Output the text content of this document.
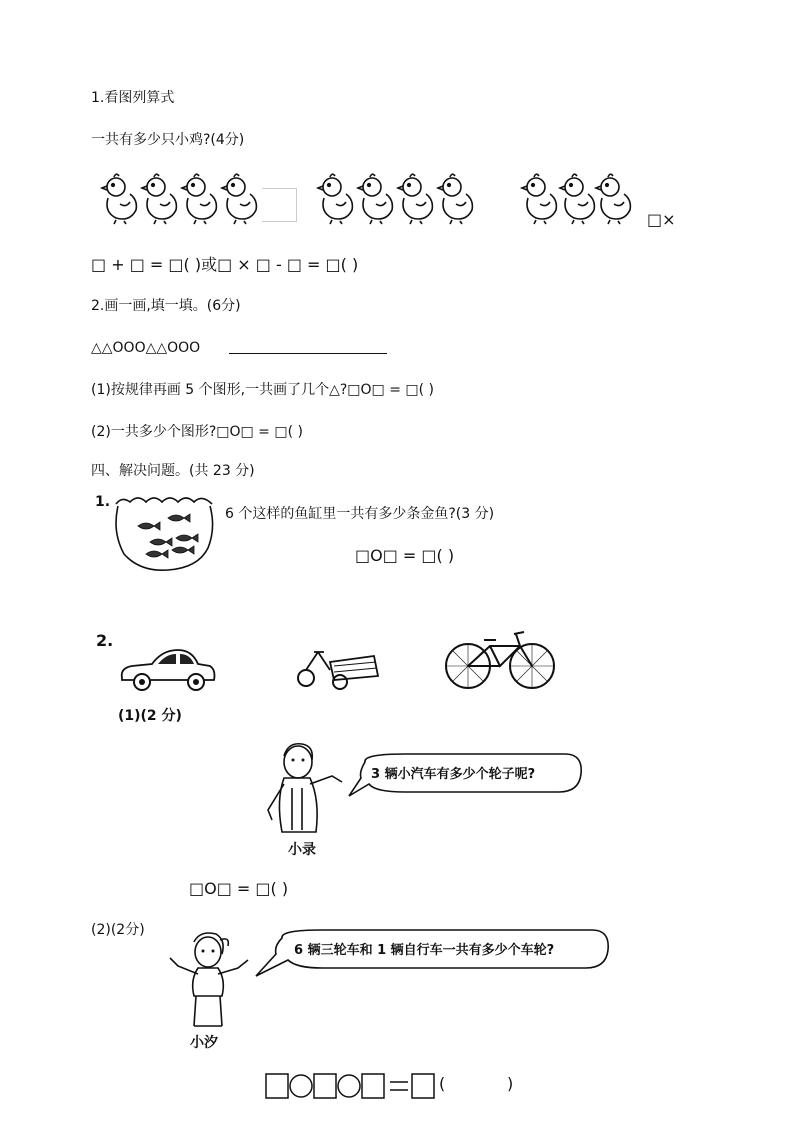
1.看图列算式
一共有多少只小鸡?(4分)
□×
□ + □ = □( )或□ × □ - □ = □( )
2.画一画,填一填。(6分)
△△OOO△△OOO
(1)按规律再画 5 个图形,一共画了几个△?□O□ = □( )
(2)一共多少个图形?□O□ = □( )
四、解决问题。(共 23 分)
1.
6 个这样的鱼缸里一共有多少条金鱼?(3 分)
□O□ = □( )
2.
(1)(2 分)
3 辆小汽车有多少个轮子呢?
小录
□O□ = □( )
(2)(2分)
6 辆三轮车和 1 辆自行车一共有多少个车轮?
小汐
(	)
